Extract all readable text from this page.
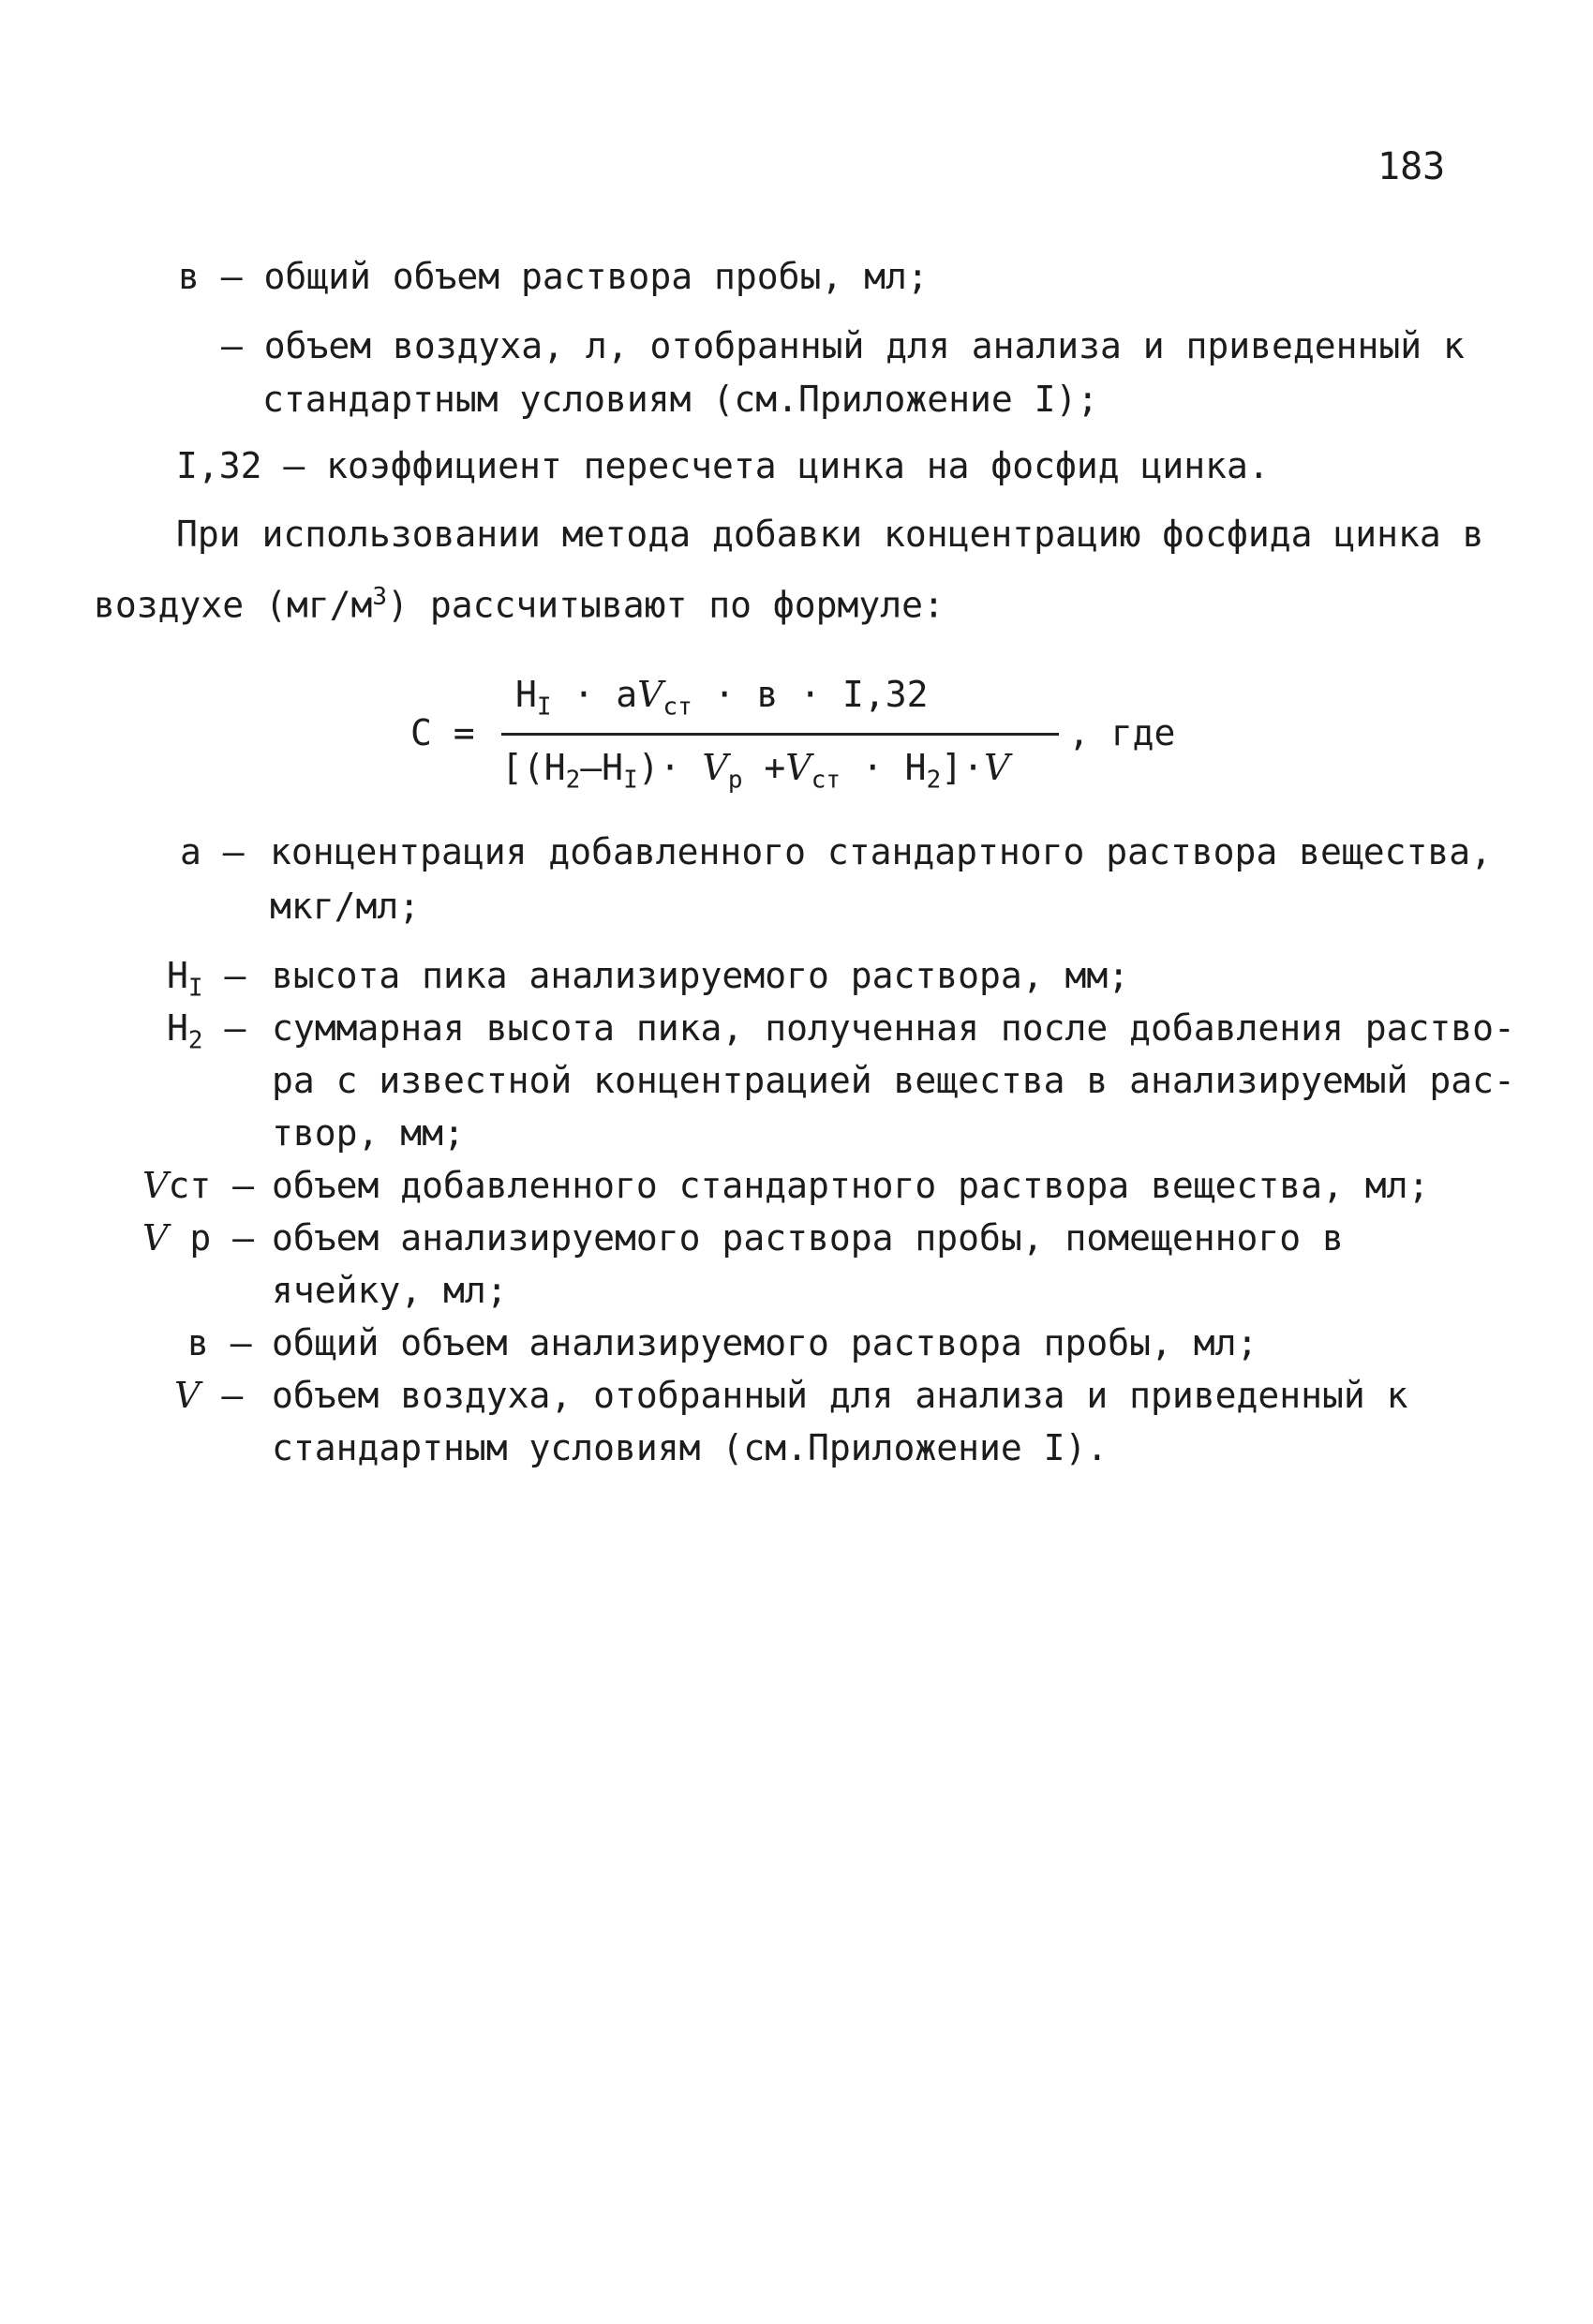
183
в – общий объем раствора пробы, мл;
– объем воздуха, л, отобранный для анализа и приведенный к
стандартным условиям (см.Приложение I);
I,32 – коэффициент пересчета цинка на фосфид цинка.
При использовании метода добавки концентрацию фосфида цинка в
воздухе $(мг/м^3)$ рассчитывают по формуле:
С =
$Н_I \cdot аV_{ст} \cdot в \cdot I,32$
$[(Н_2-Н_I)\cdot V_р +V_{ст} \cdot Н_2]\cdot V$
, где
а – концентрация добавленного стандартного раствора вещества,
мкг/мл;
$Н_I$ – высота пика анализируемого раствора, мм;
$Н_2$ – суммарная высота пика, полученная после добавления раство-
ра с известной концентрацией вещества в анализируемый рас-
твор, мм;
Vст – объем добавленного стандартного раствора вещества, мл;
V р – объем анализируемого раствора пробы, помещенного в
ячейку, мл;
в – общий объем анализируемого раствора пробы, мл;
V – объем воздуха, отобранный для анализа и приведенный к
стандартным условиям (см.Приложение I).
